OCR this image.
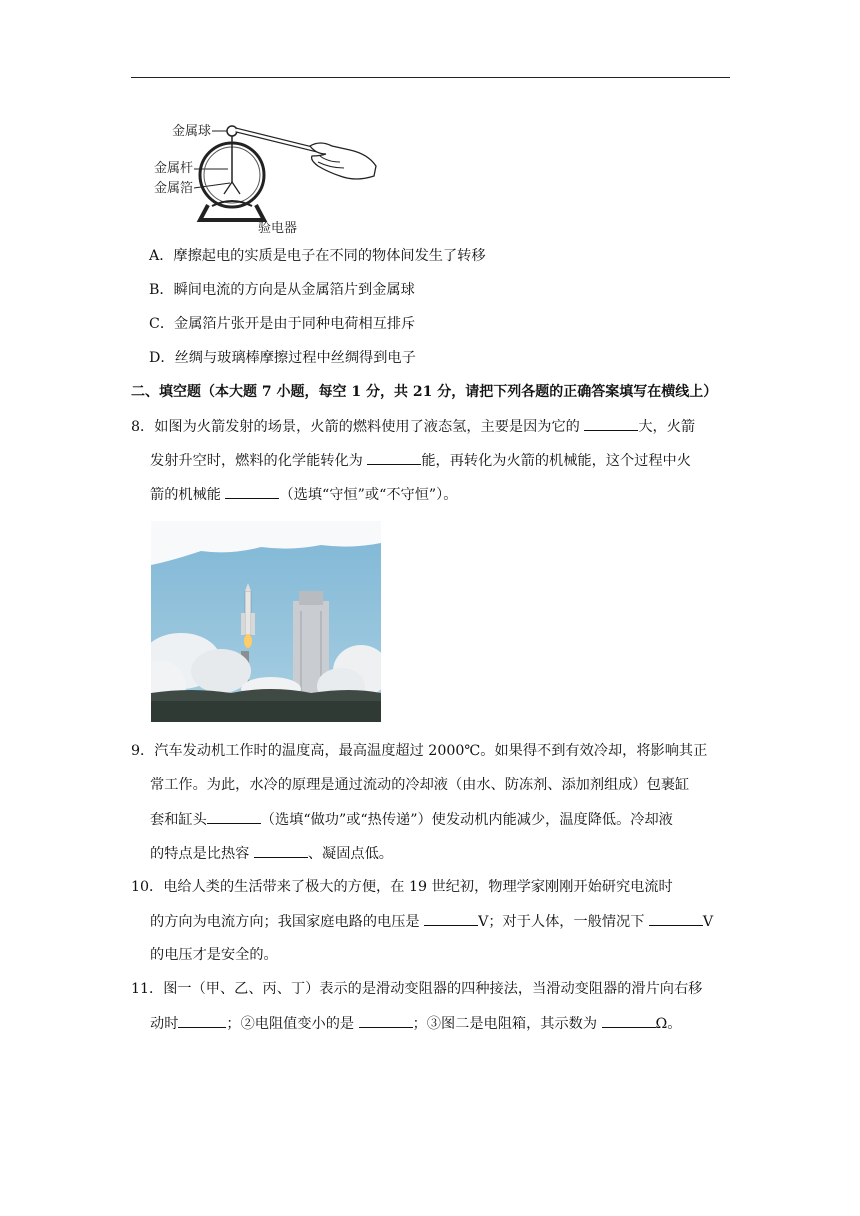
金属球
金属杆
金属箔
验电器
A．摩擦起电的实质是电子在不同的物体间发生了转移
B．瞬间电流的方向是从金属箔片到金属球
C．金属箔片张开是由于同种电荷相互排斥
D．丝绸与玻璃棒摩擦过程中丝绸得到电子
二、填空题（本大题 7 小题，每空 1 分，共 21 分，请把下列各题的正确答案填写在横线上）
8．如图为火箭发射的场景，火箭的燃料使用了液态氢，主要是因为它的	大，火箭
发射升空时，燃料的化学能转化为	能，再转化为火箭的机械能，这个过程中火
箭的机械能	（选填“守恒”或“不守恒”）。
9．汽车发动机工作时的温度高，最高温度超过 2000℃。如果得不到有效冷却，将影响其正
常工作。为此，水冷的原理是通过流动的冷却液（由水、防冻剂、添加剂组成）包裹缸
套和缸头	（选填“做功”或“热传递”）使发动机内能减少，温度降低。冷却液
的特点是比热容	、凝固点低。
10．电给人类的生活带来了极大的方便，在 19 世纪初，物理学家刚刚开始研究电流时
的方向为电流方向；我国家庭电路的电压是	V；对于人体，一般情况下	V
的电压才是安全的。
11．图一（甲、乙、丙、丁）表示的是滑动变阻器的四种接法，当滑动变阻器的滑片向右移
动时	；②电阻值变小的是	；③图二是电阻箱，其示数为	Ω。
